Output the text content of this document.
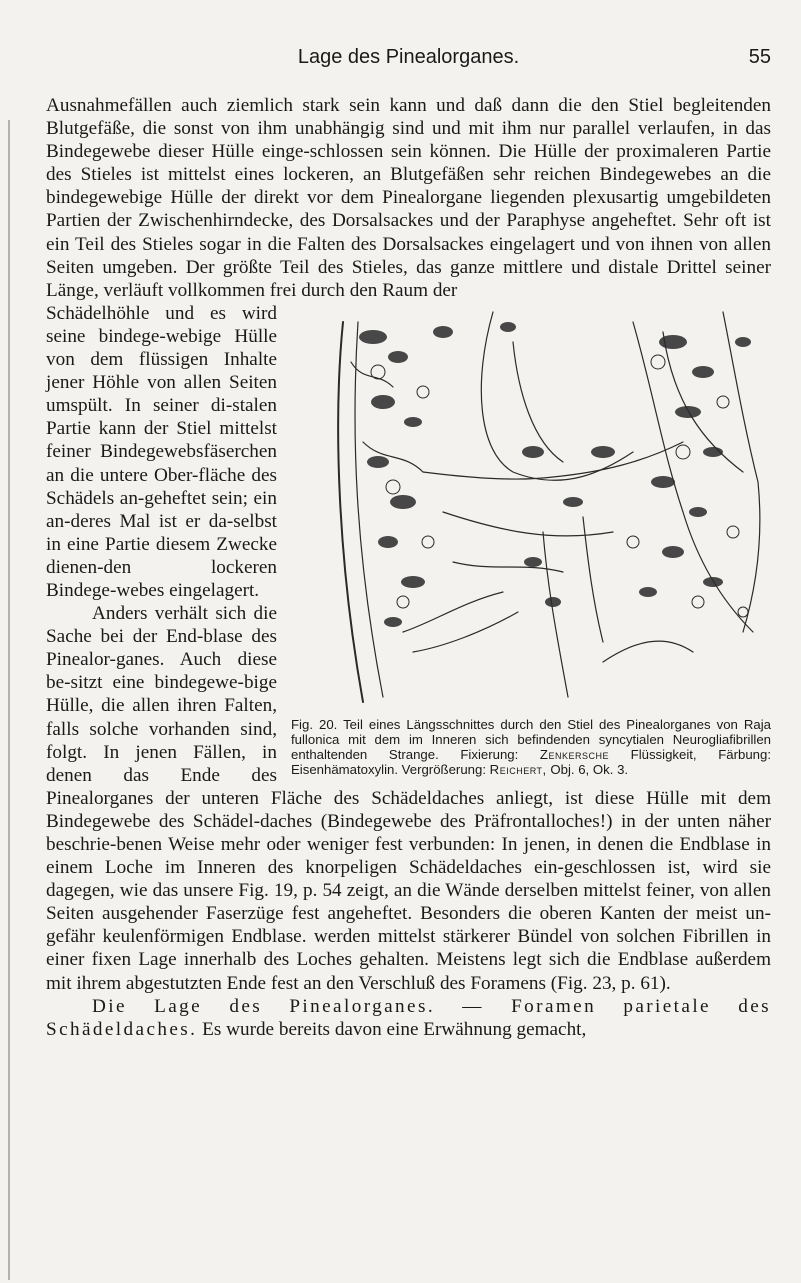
Lage des Pinealorganes.	55

Ausnahmefällen auch ziemlich stark sein kann und daß dann die den Stiel begleitenden Blutgefäße, die sonst von ihm unabhängig sind und mit ihm nur parallel verlaufen, in das Bindegewebe dieser Hülle einge-schlossen sein können. Die Hülle der proximaleren Partie des Stieles ist mittelst eines lockeren, an Blutgefäßen sehr reichen Bindegewebes an die bindegewebige Hülle der direkt vor dem Pinealorgane liegenden plexusartig umgebildeten Partien der Zwischenhirndecke, des Dorsalsackes und der Paraphyse angeheftet. Sehr oft ist ein Teil des Stieles sogar in die Falten des Dorsalsackes eingelagert und von ihnen von allen Seiten umgeben. Der größte Teil des Stieles, das ganze mittlere und distale Drittel seiner Länge, verläuft vollkommen frei durch den Raum der

Fig. 20. Teil eines Längsschnittes durch den Stiel des Pinealorganes von Raja fullonica mit dem im Inneren sich befindenden syncytialen Neurogliafibrillen enthaltenden Strange. Fixierung: Zenkersche Flüssigkeit, Färbung: Eisenhämatoxylin. Vergrößerung: Reichert, Obj. 6, Ok. 3.

Schädelhöhle und es wird seine bindege-webige Hülle von dem flüssigen Inhalte jener Höhle von allen Seiten umspült. In seiner di-stalen Partie kann der Stiel mittelst feiner Bindegewebsfäserchen an die untere Ober-fläche des Schädels an-geheftet sein; ein an-deres Mal ist er da-selbst in eine Partie diesem Zwecke dienen-den lockeren Bindege-webes eingelagert.

Anders verhält sich die Sache bei der End-blase des Pinealor-ganes. Auch diese be-sitzt eine bindegewe-bige Hülle, die allen ihren Falten, falls solche vorhanden sind, folgt. In jenen Fällen, in denen das Ende des Pinealorganes der unteren Fläche des Schädeldaches anliegt, ist diese Hülle mit dem Bindegewebe des Schädel-daches (Bindegewebe des Präfrontalloches!) in der unten näher beschrie-benen Weise mehr oder weniger fest verbunden: In jenen, in denen die Endblase in einem Loche im Inneren des knorpeligen Schädeldaches ein-geschlossen ist, wird sie dagegen, wie das unsere Fig. 19, p. 54 zeigt, an die Wände derselben mittelst feiner, von allen Seiten ausgehender Faserzüge fest angeheftet. Besonders die oberen Kanten der meist un-gefähr keulenförmigen Endblase. werden mittelst stärkerer Bündel von solchen Fibrillen in einer fixen Lage innerhalb des Loches gehalten. Meistens legt sich die Endblase außerdem mit ihrem abgestutzten Ende fest an den Verschluß des Foramens (Fig. 23, p. 61).

Die Lage des Pinealorganes. — Foramen parietale des Schädeldaches. Es wurde bereits davon eine Erwähnung gemacht,
